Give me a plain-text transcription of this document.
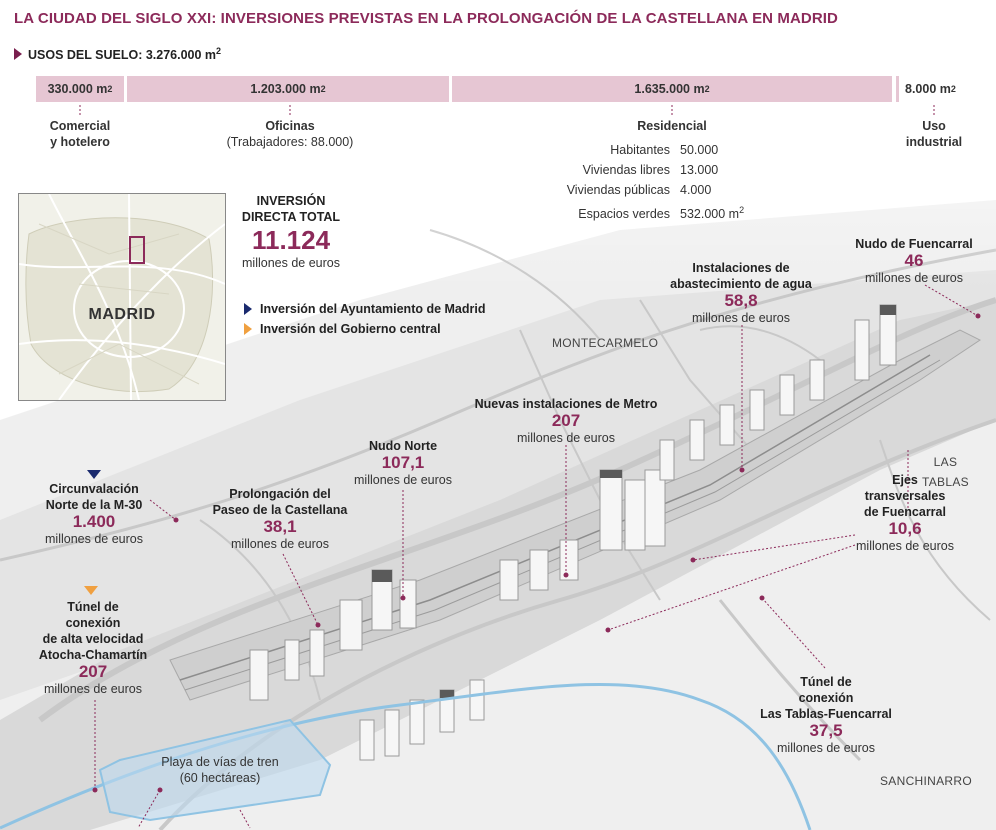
LA CIUDAD DEL SIGLO XXI: INVERSIONES PREVISTAS EN LA PROLONGACIÓN DE LA CASTELLANA EN MADRID
USOS DEL SUELO: 3.276.000 $m^2$
330.000 m 2	1.203.000 m 2	1.635.000 m 2	8.000 m 2
Comercial
y hotelero
Oficinas
(Trabajadores: 88.000)
Residencial	Uso
industrial
Habitantes 50.000
Viviendas libres 13.000
Viviendas públicas 4.000
Espacios verdes 532.000 $m^2$
MADRID
INVERSIÓN
DIRECTA TOTAL
11.124
millones de euros
Inversión del Ayuntamiento de Madrid
Inversión del Gobierno central
MONTECARMELO
LAS
TABLAS
SANCHINARRO
Playa de vías de tren
(60 hectáreas)
Nudo de Fuencarral
46
millones de euros
Instalaciones de
abastecimiento de agua
58,8
millones de euros
Nuevas instalaciones de Metro
207
millones de euros
Nudo Norte
107,1
millones de euros	Ejes
transversales
de Fuencarral
10,6
millones de euros
Circunvalación
Norte de la M-30
1.400
millones de euros
Prolongación del
Paseo de la Castellana
38,1
millones de euros
Túnel de
conexión
de alta velocidad
Atocha-Chamartín
207
millones de euros	Túnel de
conexión
Las Tablas-Fuencarral
37,5
millones de euros
